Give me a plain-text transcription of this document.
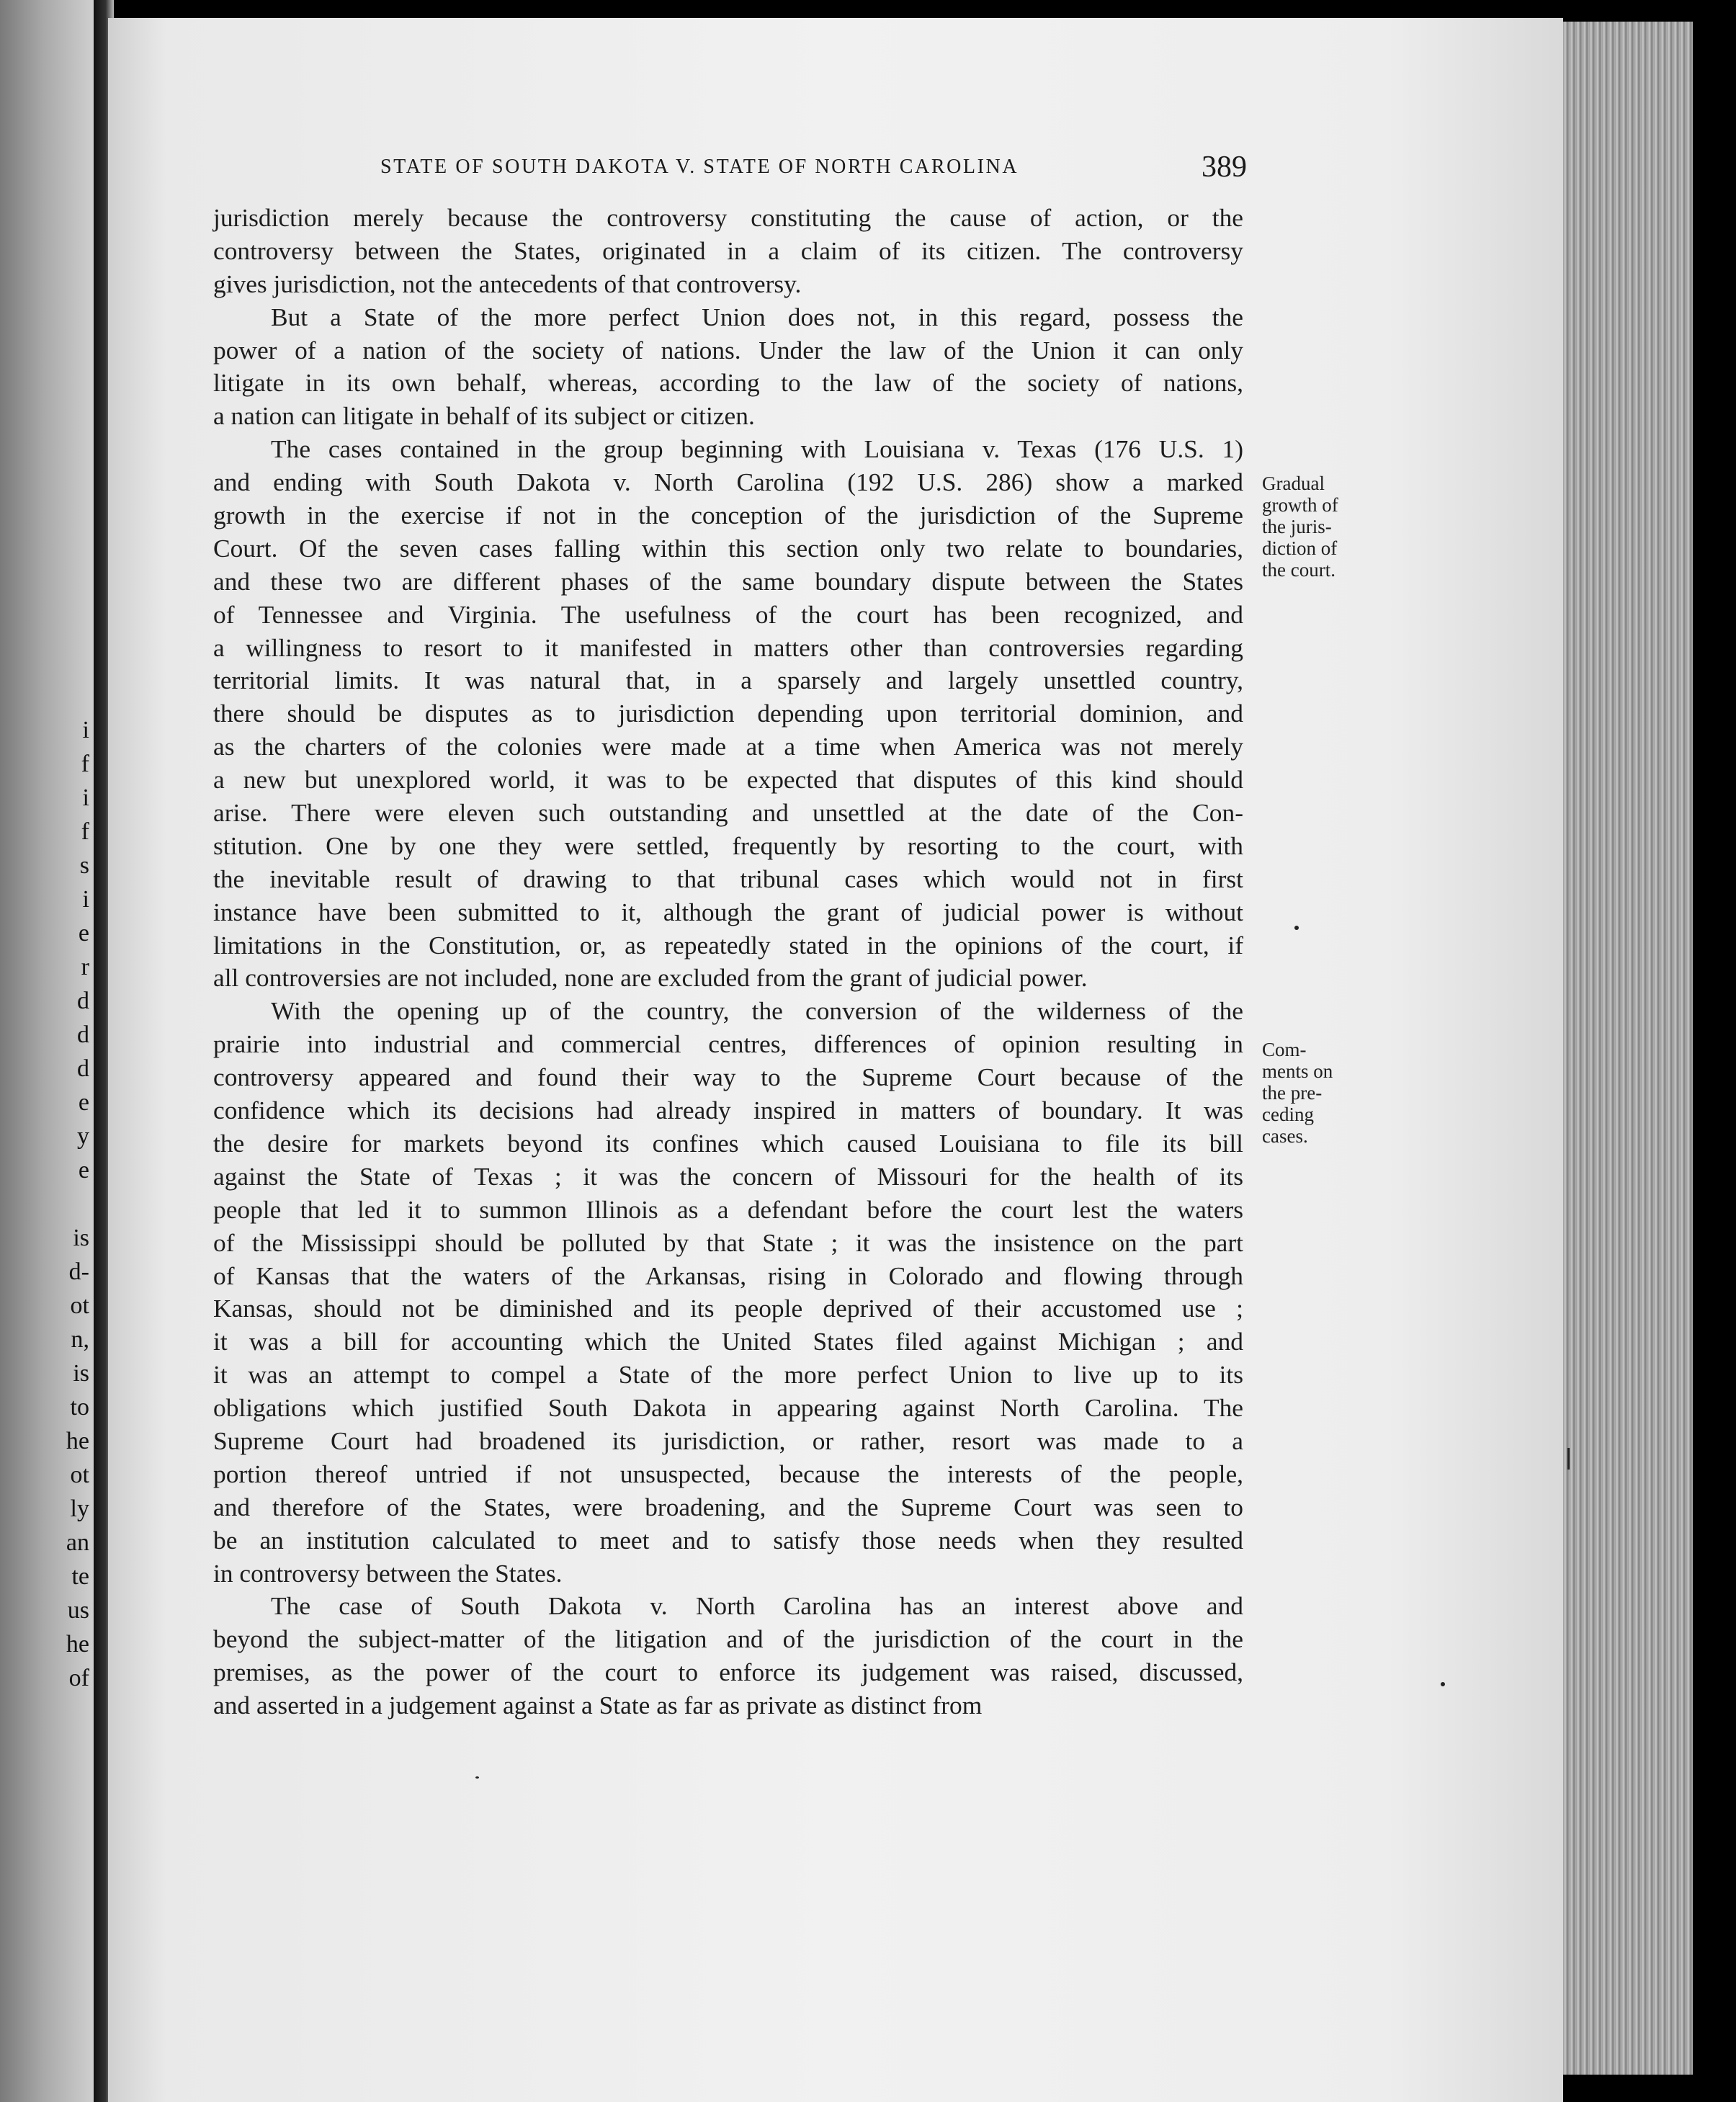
i
f
i
f
s
i
e
r
d
d
d
e
y
e
is
d-
ot
n,
is
to
he
ot
ly
an
te
us
he
of
STATE OF SOUTH DAKOTA V. STATE OF NORTH CAROLINA	389
jurisdiction merely because the controversy constituting the cause of action, or the
controversy between the States, originated in a claim of its citizen. The controversy
gives jurisdiction, not the antecedents of that controversy.
But a State of the more perfect Union does not, in this regard, possess the
power of a nation of the society of nations. Under the law of the Union it can only
litigate in its own behalf, whereas, according to the law of the society of nations,
a nation can litigate in behalf of its subject or citizen.
The cases contained in the group beginning with Louisiana v. Texas (176 U.S. 1)
and ending with South Dakota v. North Carolina (192 U.S. 286) show a marked
growth in the exercise if not in the conception of the jurisdiction of the Supreme
Court. Of the seven cases falling within this section only two relate to boundaries,
and these two are different phases of the same boundary dispute between the States
of Tennessee and Virginia. The usefulness of the court has been recognized, and
a willingness to resort to it manifested in matters other than controversies regarding
territorial limits. It was natural that, in a sparsely and largely unsettled country,
there should be disputes as to jurisdiction depending upon territorial dominion, and
as the charters of the colonies were made at a time when America was not merely
a new but unexplored world, it was to be expected that disputes of this kind should
arise. There were eleven such outstanding and unsettled at the date of the Con-
stitution. One by one they were settled, frequently by resorting to the court, with
the inevitable result of drawing to that tribunal cases which would not in first
instance have been submitted to it, although the grant of judicial power is without
limitations in the Constitution, or, as repeatedly stated in the opinions of the court, if
all controversies are not included, none are excluded from the grant of judicial power.
With the opening up of the country, the conversion of the wilderness of the
prairie into industrial and commercial centres, differences of opinion resulting in
controversy appeared and found their way to the Supreme Court because of the
confidence which its decisions had already inspired in matters of boundary. It was
the desire for markets beyond its confines which caused Louisiana to file its bill
against the State of Texas ; it was the concern of Missouri for the health of its
people that led it to summon Illinois as a defendant before the court lest the waters
of the Mississippi should be polluted by that State ; it was the insistence on the part
of Kansas that the waters of the Arkansas, rising in Colorado and flowing through
Kansas, should not be diminished and its people deprived of their accustomed use ;
it was a bill for accounting which the United States filed against Michigan ; and
it was an attempt to compel a State of the more perfect Union to live up to its
obligations which justified South Dakota in appearing against North Carolina. The
Supreme Court had broadened its jurisdiction, or rather, resort was made to a
portion thereof untried if not unsuspected, because the interests of the people,
and therefore of the States, were broadening, and the Supreme Court was seen to
be an institution calculated to meet and to satisfy those needs when they resulted
in controversy between the States.
The case of South Dakota v. North Carolina has an interest above and
beyond the subject-matter of the litigation and of the jurisdiction of the court in the
premises, as the power of the court to enforce its judgement was raised, discussed,
and asserted in a judgement against a State as far as private as distinct from
Gradual
growth of
the juris-
diction of
the court.
Com-
ments on
the pre-
ceding
cases.
